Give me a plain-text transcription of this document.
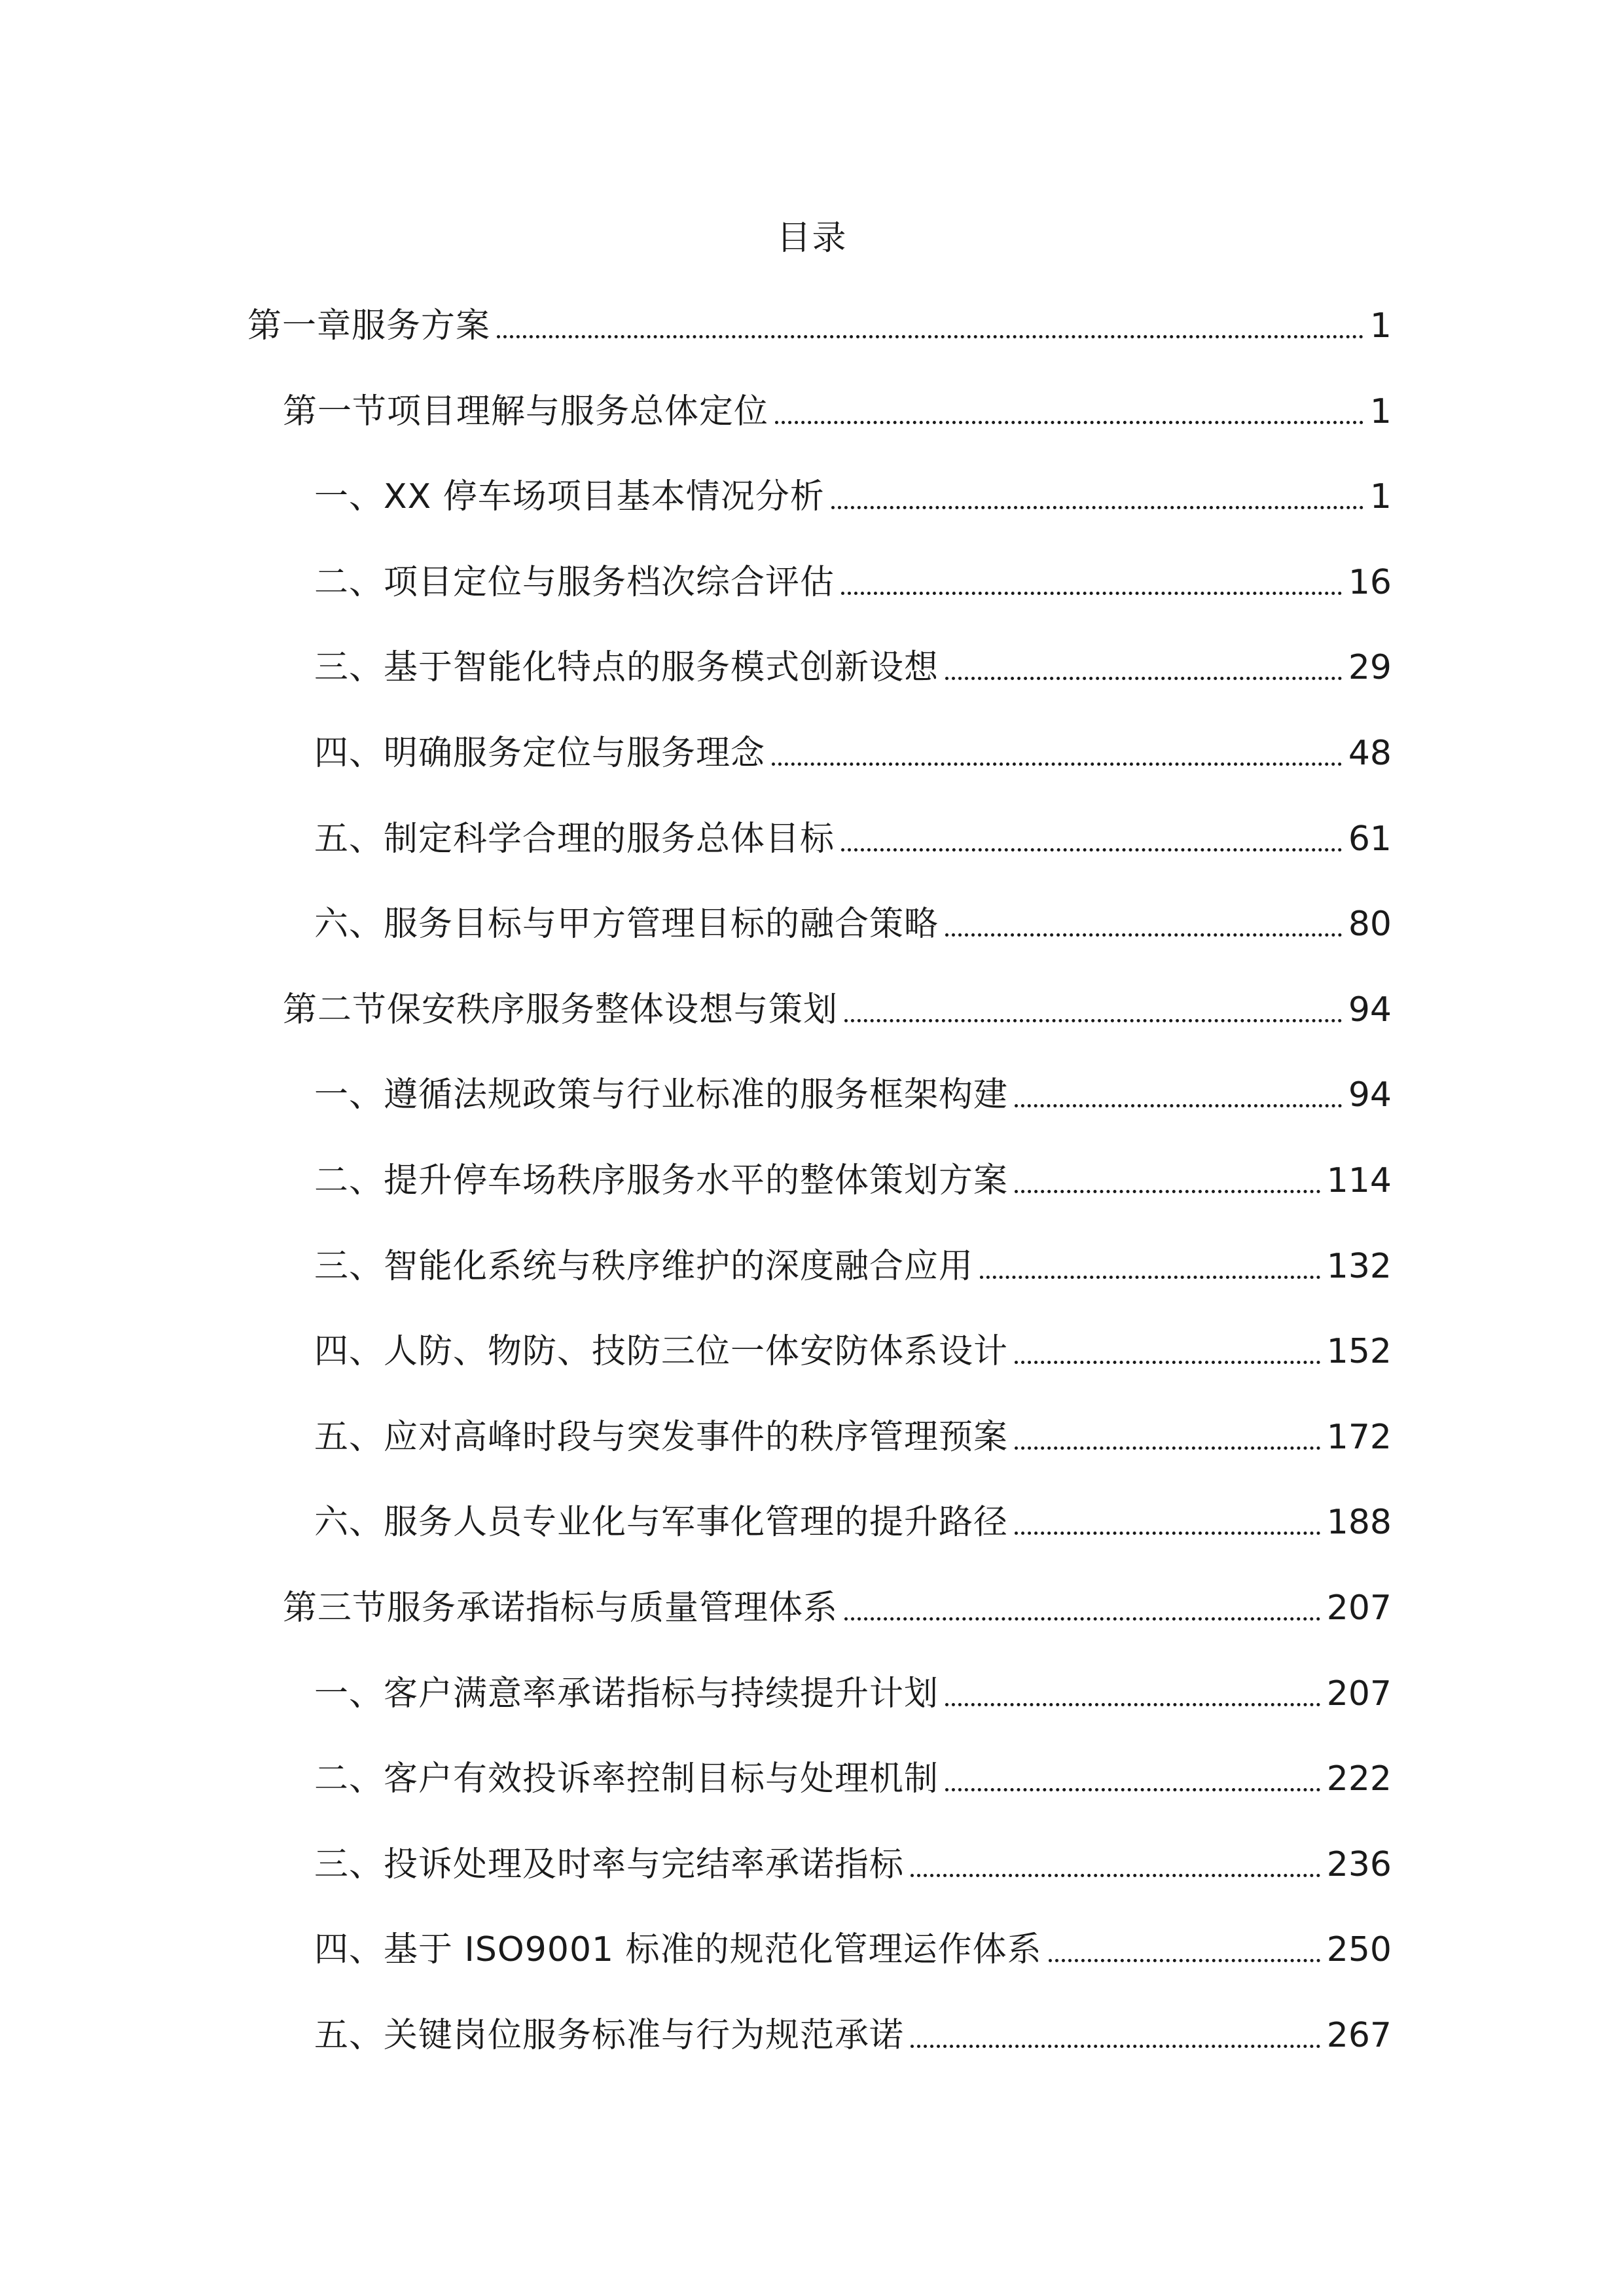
目录
第一章服务方案	1
第一节项目理解与服务总体定位	1
一、XX 停车场项目基本情况分析	1
二、项目定位与服务档次综合评估	16
三、基于智能化特点的服务模式创新设想	29
四、明确服务定位与服务理念	48
五、制定科学合理的服务总体目标	61
六、服务目标与甲方管理目标的融合策略	80
第二节保安秩序服务整体设想与策划	94
一、遵循法规政策与行业标准的服务框架构建	94
二、提升停车场秩序服务水平的整体策划方案	114
三、智能化系统与秩序维护的深度融合应用	132
四、人防、物防、技防三位一体安防体系设计	152
五、应对高峰时段与突发事件的秩序管理预案	172
六、服务人员专业化与军事化管理的提升路径	188
第三节服务承诺指标与质量管理体系	207
一、客户满意率承诺指标与持续提升计划	207
二、客户有效投诉率控制目标与处理机制	222
三、投诉处理及时率与完结率承诺指标	236
四、基于 ISO9001 标准的规范化管理运作体系	250
五、关键岗位服务标准与行为规范承诺	267
